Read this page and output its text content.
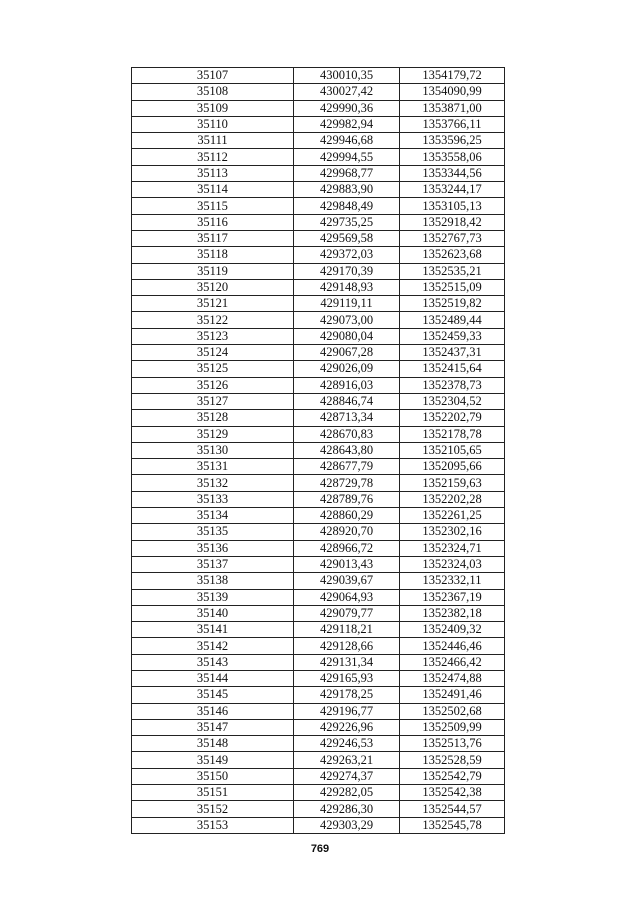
35107	430010,35	1354179,72
35108	430027,42	1354090,99
35109	429990,36	1353871,00
35110	429982,94	1353766,11
35111	429946,68	1353596,25
35112	429994,55	1353558,06
35113	429968,77	1353344,56
35114	429883,90	1353244,17
35115	429848,49	1353105,13
35116	429735,25	1352918,42
35117	429569,58	1352767,73
35118	429372,03	1352623,68
35119	429170,39	1352535,21
35120	429148,93	1352515,09
35121	429119,11	1352519,82
35122	429073,00	1352489,44
35123	429080,04	1352459,33
35124	429067,28	1352437,31
35125	429026,09	1352415,64
35126	428916,03	1352378,73
35127	428846,74	1352304,52
35128	428713,34	1352202,79
35129	428670,83	1352178,78
35130	428643,80	1352105,65
35131	428677,79	1352095,66
35132	428729,78	1352159,63
35133	428789,76	1352202,28
35134	428860,29	1352261,25
35135	428920,70	1352302,16
35136	428966,72	1352324,71
35137	429013,43	1352324,03
35138	429039,67	1352332,11
35139	429064,93	1352367,19
35140	429079,77	1352382,18
35141	429118,21	1352409,32
35142	429128,66	1352446,46
35143	429131,34	1352466,42
35144	429165,93	1352474,88
35145	429178,25	1352491,46
35146	429196,77	1352502,68
35147	429226,96	1352509,99
35148	429246,53	1352513,76
35149	429263,21	1352528,59
35150	429274,37	1352542,79
35151	429282,05	1352542,38
35152	429286,30	1352544,57
35153	429303,29	1352545,78
769
